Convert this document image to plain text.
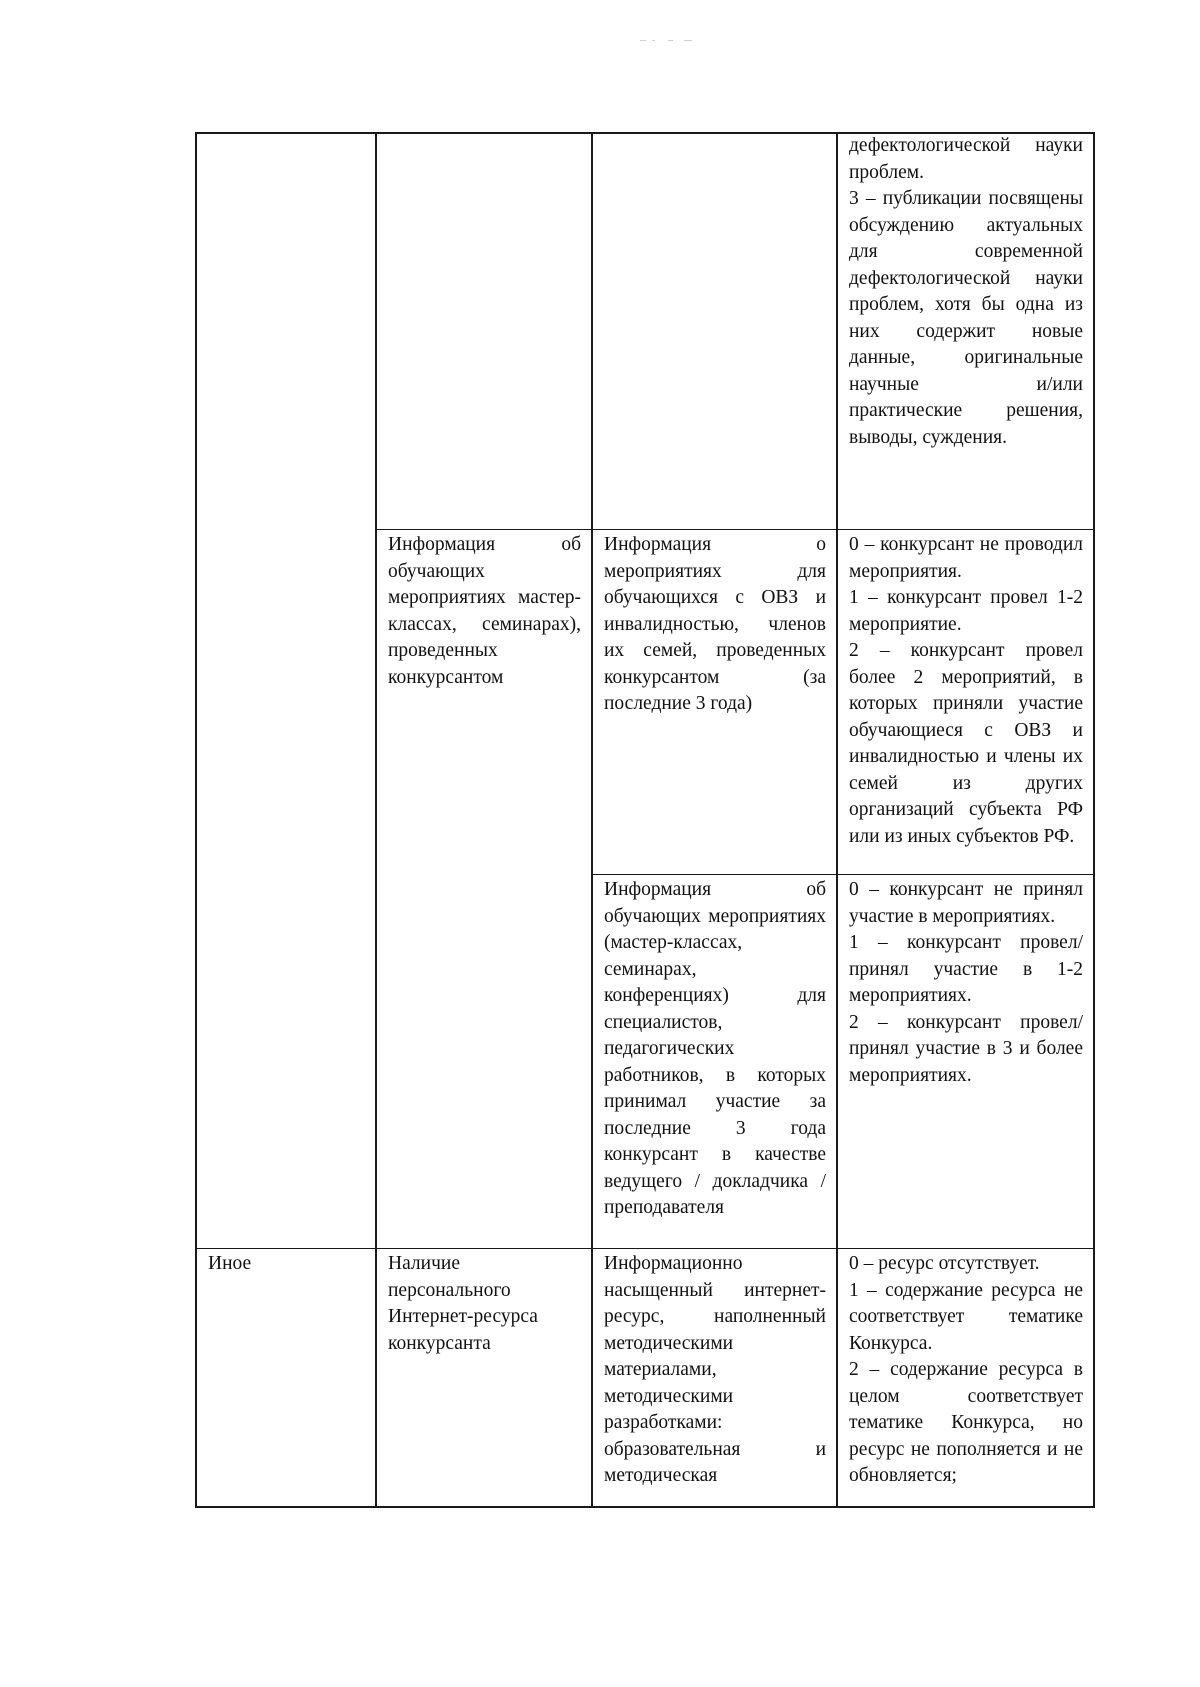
дефектологической науки проблем.

3 – публикации посвящены обсуждению актуальных для современной дефектологической науки проблем, хотя бы одна из них содержит новые данные, оригинальные научные и/или практические решения, выводы, суждения.

Информация об обучающих мероприятиях мастер-классах, семинарах), проведенных конкурсантом

Информация о мероприятиях для обучающихся с ОВЗ и инвалидностью, членов их семей, проведенных конкурсантом (за последние 3 года)

0 – конкурсант не проводил мероприятия.

1 – конкурсант провел 1-2 мероприятие.

2 – конкурсант провел более 2 мероприятий, в которых приняли участие обучающиеся с ОВЗ и инвалидностью и члены их семей из других организаций субъекта РФ или из иных субъектов РФ.

Информация об обучающих мероприятиях (мастер-классах, семинарах, конференциях) для специалистов, педагогических работников, в которых принимал участие за последние 3 года конкурсант в качестве ведущего / докладчика / преподавателя

0 – конкурсант не принял участие в мероприятиях.

1 – конкурсант провел/ принял участие в 1-2 мероприятиях.

2 – конкурсант провел/ принял участие в 3 и более мероприятиях.

Иное	Наличие персонального Интернет-ресурса конкурсанта

Информационно насыщенный интернет-ресурс, наполненный методическими материалами, методическими разработками: образовательная и методическая

0 – ресурс отсутствует.

1 – содержание ресурса не соответствует тематике Конкурса.

2 – содержание ресурса в целом соответствует тематике Конкурса, но ресурс не пополняется и не обновляется;
